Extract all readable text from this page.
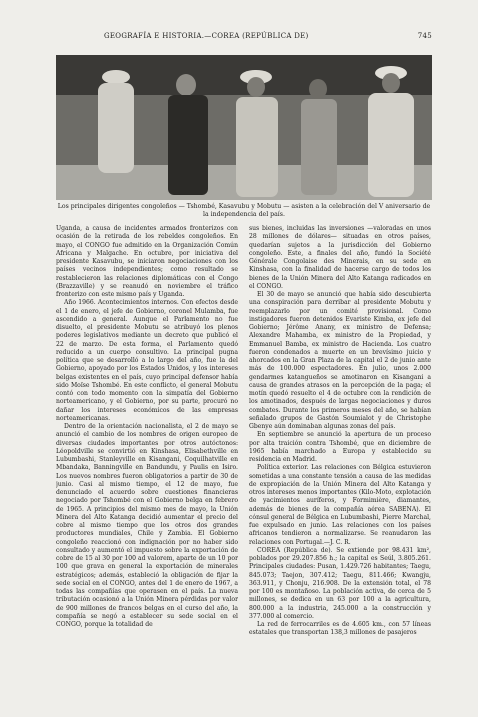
GEOGRAFÍA E HISTORIA.—COREA (REPÚBLICA DE)	745
Los principales dirigentes congoleños — Tshombé, Kasavubu y Mobutu — asisten a la celebración del V aniversario de la independencia del país.

Uganda, a causa de incidentes armados fronterizos con ocasión de la retirada de los rebeldes congoleños. En mayo, el CONGO fue admitido en la Organización Común Africana y Malgache. En octubre, por iniciativa del presidente Kasavubu, se iniciaron negociaciones con los países vecinos independientes; como resultado se restablecieron las relaciones diplomáticas con el Congo (Brazzaville) y se reanudó en noviembre el tráfico fronterizo con este mismo país y Uganda.

Año 1966. Acontecimientos internos. Con efectos desde el 1 de enero, el jefe de Gobierno, coronel Mulamba, fue ascendido a general. Aunque el Parlamento no fue disuelto, el presidente Mobutu se atribuyó los plenos poderes legislativos mediante un decreto que publicó el 22 de marzo. De esta forma, el Parlamento quedó reducido a un cuerpo consultivo. La principal pugna política que se desarrolló a lo largo del año, fue la del Gobierno, apoyado por los Estados Unidos, y los intereses belgas existentes en el país, cuyo principal defensor había sido Moïse Tshombé. En este conflicto, el general Mobutu contó con todo momento con la simpatía del Gobierno norteamericano, y el Gobierno, por su parte, procuró no dañar los intereses económicos de las empresas norteamericanas.

Dentro de la orientación nacionalista, el 2 de mayo se anunció el cambio de los nombres de origen europeo de diversas ciudades importantes por otros autóctonos: Léopoldville se convirtió en Kinshasa, Elisabethville en Lubumbashi, Stanleyville en Kisangani, Coquilhatville en Mbandaka, Banningville en Bandundu, y Paulis en Isiro. Los nuevos nombres fueron obligatorios a partir de 30 de junio. Casi al mismo tiempo, el 12 de mayo, fue denunciado el acuerdo sobre cuestiones financieras negociado por Tshombé con el Gobierno belga en febrero de 1965. A principios del mismo mes de mayo, la Unión Minera del Alto Katanga decidió aumentar el precio del cobre al mismo tiempo que los otros dos grandes productores mundiales, Chile y Zambia. El Gobierno congoleño reaccionó con indignación por no haber sido consultado y aumentó el impuesto sobre la exportación de cobre de 15 al 30 por 100 ad valorem, aparte de un 10 por 100 que grava en general la exportación de minerales estratégicos; además, estableció la obligación de fijar la sede social en el CONGO, antes del 1 de enero de 1967, a todas las compañías que operasen en el país. La nueva tributación ocasionó a la Unión Minera pérdidas por valor de 900 millones de francos belgas en el curso del año, la compañía se negó a establecer su sede social en el CONGO, porque la totalidad de

sus bienes, incluidas las inversiones —valoradas en unos 28 millones de dólares— situadas en otros países, quedarían sujetos a la jurisdicción del Gobierno congoleño. Este, a finales del año, fundó la Société Générale Congolaise des Minerais, en su sede en Kinshasa, con la finalidad de hacerse cargo de todos los bienes de la Unión Minera del Alto Katanga radicados en el CONGO.

El 30 de mayo se anunció que había sido descubierta una conspiración para derribar al presidente Mobutu y reemplazarlo por un comité provisional. Como instigadores fueron detenidos Evariste Kimba, ex jefe del Gobierno; Jérôme Anany, ex ministro de Defensa; Alexandre Mahamba, ex ministro de la Propiedad, y Emmanuel Bamba, ex ministro de Hacienda. Los cuatro fueron condenados a muerte en un brevísimo juicio y ahorcados en la Gran Plaza de la capital el 2 de junio ante más de 100.000 espectadores. En julio, unos 2.000 gendarmes katangueños se amotinaron en Kisangani a causa de grandes atrasos en la percepción de la paga; el motín quedó resuelto el 4 de octubre con la rendición de los amotinados, después de largas negociaciones y duros combates. Durante los primeros meses del año, se habían señalado grupos de Gastón Soumialot y de Christophe Gbenye aún dominaban algunas zonas del país.

En septiembre se anunció la apertura de un proceso por alta traición contra Tshombé, que en diciembre de 1965 había marchado a Europa y establecido su residencia en Madrid.

Política exterior. Las relaciones con Bélgica estuvieron sometidas a una constante tensión a causa de las medidas de expropiación de la Unión Minera del Alto Katanga y otros intereses menos importantes (Kilo-Moto, explotación de yacimientos auríferos, y Formimière, diamantes, además de bienes de la compañía aérea SABENA). El cónsul general de Bélgica en Lubumbashi, Pierre Marchal, fue expulsado en junio. Las relaciones con los países africanos tendieron a normalizarse. Se reanudaron las relaciones con Portugal.—J. C. R.

COREA (República de). Se extiende por 98.431 km², poblados por 29.207.856 h.; la capital es Seúl, 3.805.261. Principales ciudades: Pusan, 1.429.726 habitantes; Taegu, 845.073; Taejon, 307.412; Taegu, 811.466; Kwangju, 363.911, y Chonju, 216.908. De la extensión total, el 78 por 100 es montañoso. La población activa, de cerca de 5 millones, se dedica en un 63 por 100 a la agricultura, 800.000 a la industria, 245.000 a la construcción y 377.000 al comercio.

La red de ferrocarriles es de 4.605 km., con 57 líneas estatales que transportan 138,3 millones de pasajeros
